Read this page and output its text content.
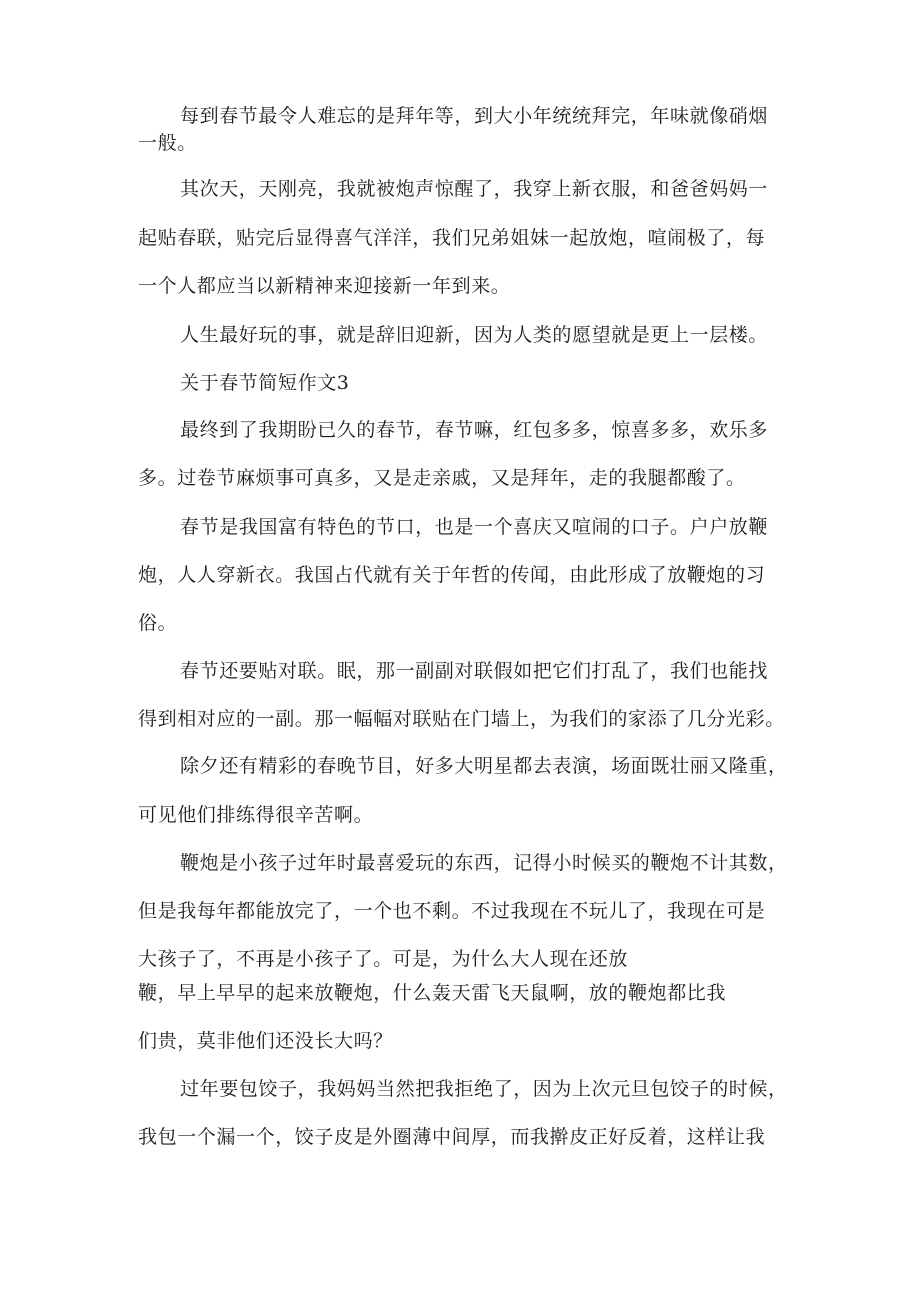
每到春节最令人难忘的是拜年等，到大小年统统拜完，年味就像硝烟
一般。
其次天，天刚亮，我就被炮声惊醒了，我穿上新衣服，和爸爸妈妈一
起贴春联，贴完后显得喜气洋洋，我们兄弟姐妹一起放炮，喧闹极了，每
一个人都应当以新精神来迎接新一年到来。
人生最好玩的事，就是辞旧迎新，因为人类的愿望就是更上一层楼。
关于春节简短作文3
最终到了我期盼已久的春节，春节嘛，红包多多，惊喜多多，欢乐多
多。过卷节麻烦事可真多，又是走亲戚，又是拜年，走的我腿都酸了。
春节是我国富有特色的节口，也是一个喜庆又喧闹的口子。户户放鞭
炮，人人穿新衣。我国占代就有关于年哲的传闻，由此形成了放鞭炮的习
俗。
春节还要贴对联。眠，那一副副对联假如把它们打乱了，我们也能找
得到相对应的一副。那一幅幅对联贴在门墙上，为我们的家添了几分光彩。
除夕还有精彩的春晚节目，好多大明星都去表演，场面既壮丽又隆重，
可见他们排练得很辛苦啊。
鞭炮是小孩子过年时最喜爱玩的东西，记得小时候买的鞭炮不计其数，
但是我每年都能放完了，一个也不剩。不过我现在不玩儿了，我现在可是
大孩子了，不再是小孩子了。可是，为什么大人现在还放
鞭，早上早早的起来放鞭炮，什么轰天雷飞天鼠啊，放的鞭炮都比我
们贵，莫非他们还没长大吗？
过年要包饺子，我妈妈当然把我拒绝了，因为上次元旦包饺子的时候，
我包一个漏一个，饺子皮是外圈薄中间厚，而我擀皮正好反着，这样让我
